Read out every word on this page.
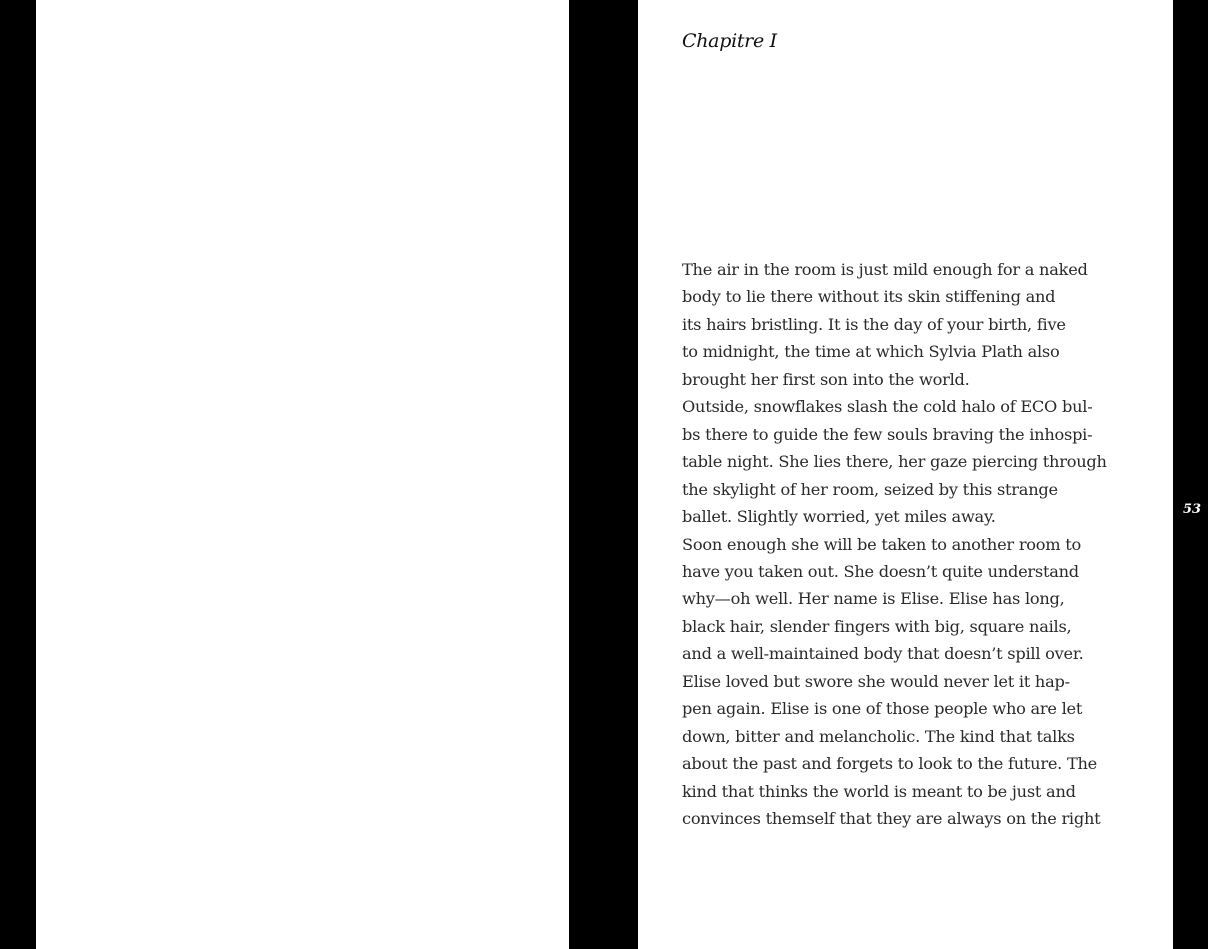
Chapitre I
The air in the room is just mild enough for a naked
body to lie there without its skin stiffening and
its hairs bristling. It is the day of your birth, five
to midnight, the time at which Sylvia Plath also
brought her first son into the world.
Outside, snowflakes slash the cold halo of ECO bul-
bs there to guide the few souls braving the inhospi-
table night. She lies there, her gaze piercing through
the skylight of her room, seized by this strange
ballet. Slightly worried, yet miles away.
Soon enough she will be taken to another room to
have you taken out. She doesn’t quite understand
why—oh well. Her name is Elise. Elise has long,
black hair, slender fingers with big, square nails,
and a well-maintained body that doesn’t spill over.
Elise loved but swore she would never let it hap-
pen again. Elise is one of those people who are let
down, bitter and melancholic. The kind that talks
about the past and forgets to look to the future. The
kind that thinks the world is meant to be just and
convinces themself that they are always on the right
53
